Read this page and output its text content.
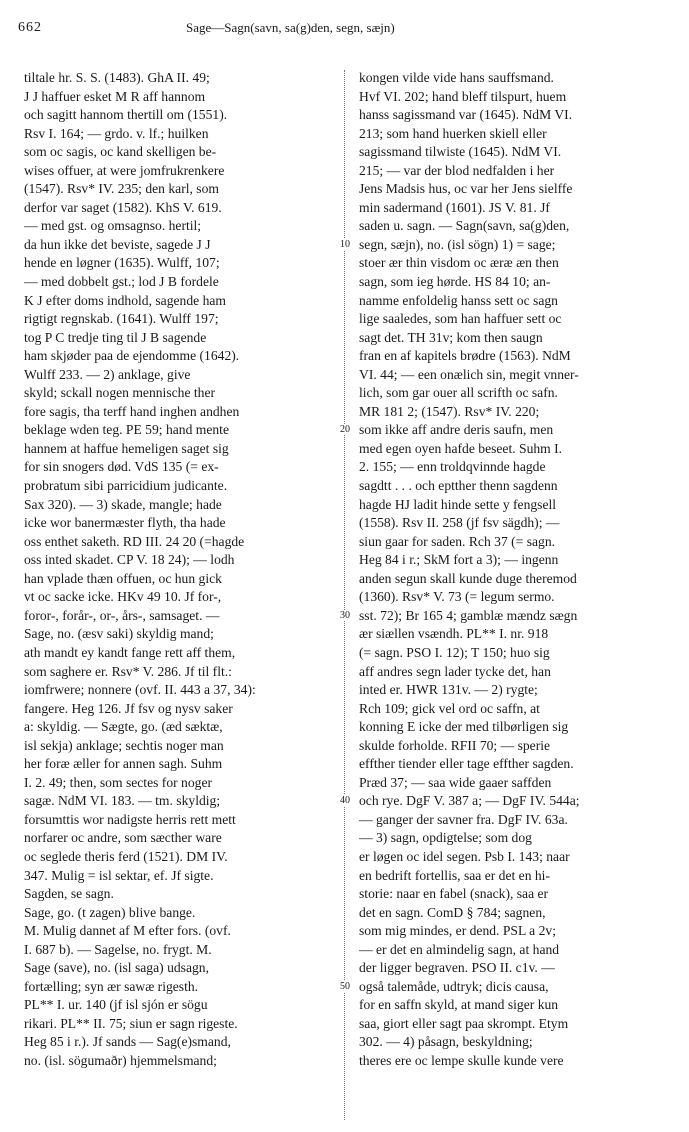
662	Sage—Sagn(savn, sa(g)den, segn, sæjn)
tiltale hr. S. S. (1483). GhA II. 49;
J J haffuer esket M R aff hannom
och sagitt hannom thertill om (1551).
Rsv I. 164; — grdo. v. lf.; huilken
som oc sagis, oc kand skelligen be-
wises offuer, at were jomfrukrenkere
(1547). Rsv* IV. 235; den karl, som
derfor var saget (1582). KhS V. 619.
— med gst. og omsagnso. hertil;
da hun ikke det beviste, sagede J J
hende en løgner (1635). Wulff, 107;
— med dobbelt gst.; lod J B fordele
K J efter doms indhold, sagende ham
rigtigt regnskab. (1641). Wulff 197;
tog P C tredje ting til J B sagende
ham skjøder paa de ejendomme (1642).
Wulff 233. — 2) anklage, give
skyld; sckall nogen mennische ther
fore sagis, tha terff hand inghen andhen
beklage wden teg. PE 59; hand mente
hannem at haffue hemeligen saget sig
for sin snogers død. VdS 135 (= ex-
probratum sibi parricidium judicante.
Sax 320). — 3) skade, mangle; hade
icke wor banermæster flyth, tha hade
oss enthet saketh. RD III. 24 20 (=hagde
oss inted skadet. CP V. 18 24); — lodh
han vplade thæn offuen, oc hun gick
vt oc sacke icke. HKv 49 10. Jf for-,
foror-, forår-, or-, års-, samsaget. —
Sage, no. (æsv saki) skyldig mand;
ath mandt ey kandt fange rett aff them,
som saghere er. Rsv* V. 286. Jf til flt.:
iomfrwere; nonnere (ovf. II. 443 a 37, 34):
fangere. Heg 126. Jf fsv og nysv saker
a: skyldig. — Sægte, go. (æd sæktæ,
isl sekja) anklage; sechtis noger man
her foræ æller for annen sagh. Suhm
I. 2. 49; then, som sectes for noger
sagæ. NdM VI. 183. — tm. skyldig;
forsumttis wor nadigste herris rett mett
norfarer oc andre, som sæcther ware
oc seglede theris ferd (1521). DM IV.
347. Mulig = isl sektar, ef. Jf sigte.
Sagden, se sagn.
Sage, go. (t zagen) blive bange.
M. Mulig dannet af M efter fors. (ovf.
I. 687 b). — Sagelse, no. frygt. M.
Sage (save), no. (isl saga) udsagn,
fortælling; syn ær sawæ rigesth.
PL** I. ur. 140 (jf isl sjón er sögu
rikari. PL** II. 75; siun er sagn rigeste.
Heg 85 i r.). Jf sands — Sag(e)smand,
no. (isl. sögumaðr) hjemmelsmand;
10
20
30
40
50
kongen vilde vide hans sauffsmand.
Hvf VI. 202; hand bleff tilspurt, huem
hanss sagissmand var (1645). NdM VI.
213; som hand huerken skiell eller
sagissmand tilwiste (1645). NdM VI.
215; — var der blod nedfalden i her
Jens Madsis hus, oc var her Jens sielffe
min sadermand (1601). JS V. 81. Jf
saden u. sagn. — Sagn(savn, sa(g)den,
segn, sæjn), no. (isl sögn) 1) = sage;
stoer ær thin visdom oc æræ æn then
sagn, som ieg hørde. HS 84 10; an-
namme enfoldelig hanss sett oc sagn
lige saaledes, som han haffuer sett oc
sagt det. TH 31v; kom then saugn
fran en af kapitels brødre (1563). NdM
VI. 44; — een onælich sin, megit vnner-
lich, som gar ouer all scrifth oc safn.
MR 181 2; (1547). Rsv* IV. 220;
som ikke aff andre deris saufn, men
med egen oyen hafde beseet. Suhm I.
2. 155; — enn troldqvinnde hagde
sagdtt . . . och eptther thenn sagdenn
hagde HJ ladit hinde sette y fengsell
(1558). Rsv II. 258 (jf fsv sägdh); —
siun gaar for saden. Rch 37 (= sagn.
Heg 84 i r.; SkM fort a 3); — ingenn
anden segun skall kunde duge theremod
(1360). Rsv* V. 73 (= legum sermo.
sst. 72); Br 165 4; gamblæ mændz sægn
ær siællen vsændh. PL** I. nr. 918
(= sagn. PSO I. 12); T 150; huo sig
aff andres segn lader tycke det, han
inted er. HWR 131v. — 2) rygte;
Rch 109; gick vel ord oc saffn, at
konning E icke der med tilbørligen sig
skulde forholde. RFII 70; — sperie
effther tiender eller tage effther sagden.
Præd 37; — saa wide gaaer saffden
och rye. DgF V. 387 a; — DgF IV. 544a;
— ganger der savner fra. DgF IV. 63a.
— 3) sagn, opdigtelse; som dog
er løgen oc idel segen. Psb I. 143; naar
en bedrift fortellis, saa er det en hi-
storie: naar en fabel (snack), saa er
det en sagn. ComD § 784; sagnen,
som mig mindes, er dend. PSL a 2v;
— er det en almindelig sagn, at hand
der ligger begraven. PSO II. c1v. —
også talemåde, udtryk; dicis causa,
for en saffn skyld, at mand siger kun
saa, giort eller sagt paa skrompt. Etym
302. — 4) påsagn, beskyldning;
theres ere oc lempe skulle kunde vere
